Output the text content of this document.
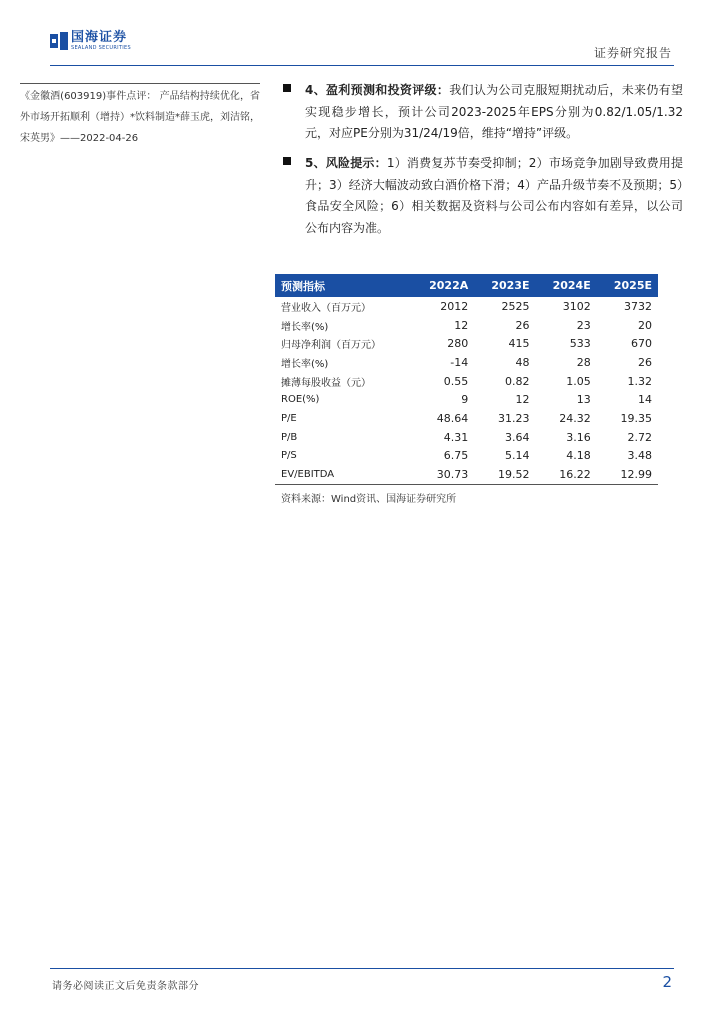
国海证券
SEALAND SECURITIES	证券研究报告
《金徽酒(603919)事件点评： 产品结构持续优化，省外市场开拓顺利（增持）*饮料制造*薛玉虎，刘洁铭，宋英男》——2022-04-26
4、盈利预测和投资评级：我们认为公司克服短期扰动后，未来仍有望实现稳步增长，预计公司2023-2025年EPS分别为0.82/1.05/1.32元，对应PE分别为31/24/19倍，维持“增持”评级。
5、风险提示：1）消费复苏节奏受抑制；2）市场竞争加剧导致费用提升；3）经济大幅波动致白酒价格下滑；4）产品升级节奏不及预期；5）食品安全风险；6）相关数据及资料与公司公布内容如有差异，以公司公布内容为准。
预测指标	2022A	2023E	2024E	2025E
营业收入（百万元）	2012	2525	3102	3732
增长率(%)	12	26	23	20
归母净利润（百万元）	280	415	533	670
增长率(%)	-14	48	28	26
摊薄每股收益（元）	0.55	0.82	1.05	1.32
ROE(%)	9	12	13	14
P/E	48.64	31.23	24.32	19.35
P/B	4.31	3.64	3.16	2.72
P/S	6.75	5.14	4.18	3.48
EV/EBITDA	30.73	19.52	16.22	12.99
资料来源：Wind资讯、国海证券研究所
请务必阅读正文后免责条款部分	2
